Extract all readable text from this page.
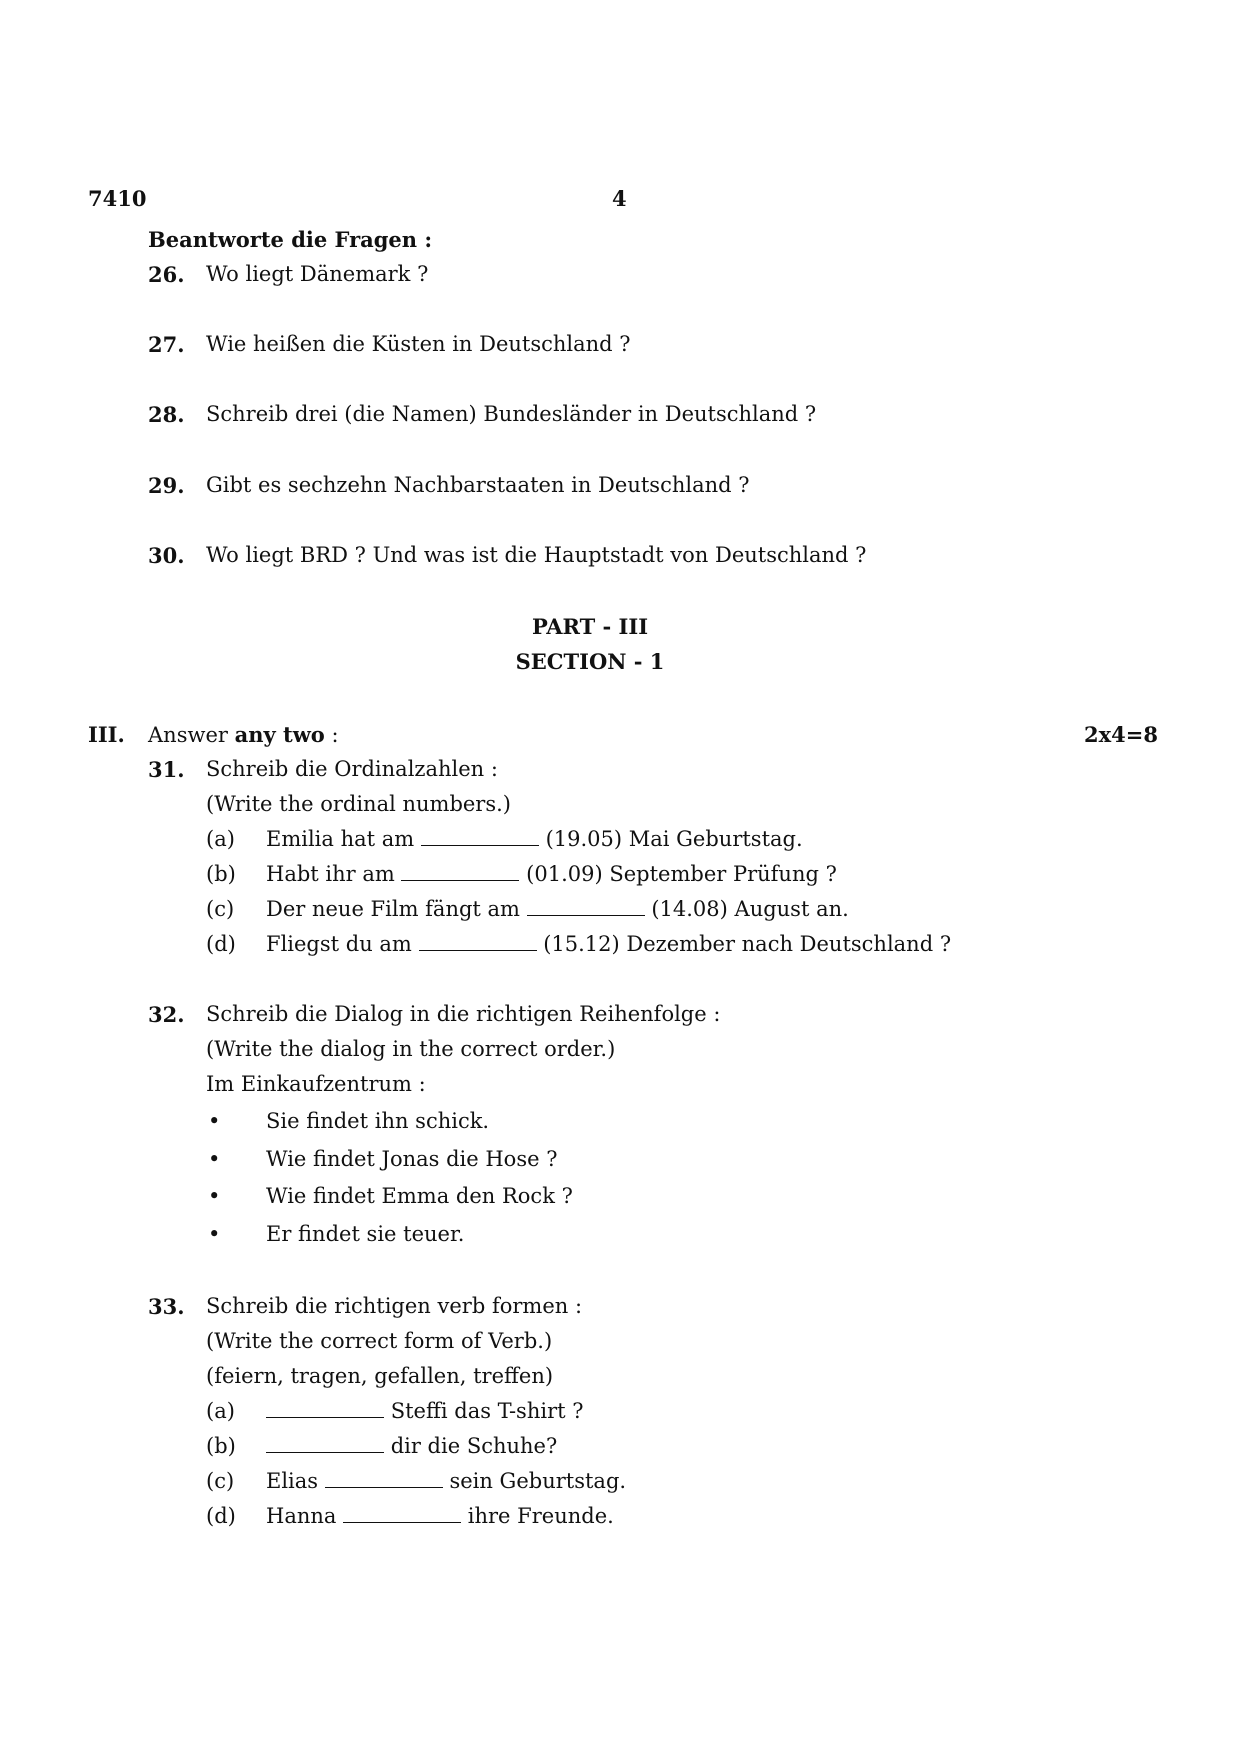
7410	4
Beantworte die Fragen :
26. Wo liegt Dänemark ?
27. Wie heißen die Küsten in Deutschland ?
28. Schreib drei (die Namen) Bundesländer in Deutschland ?
29. Gibt es sechzehn Nachbarstaaten in Deutschland ?
30. Wo liegt BRD ? Und was ist die Hauptstadt von Deutschland ?
PART - III
SECTION - 1
III. Answer any two :	2x4=8
31. Schreib die Ordinalzahlen :
(Write the ordinal numbers.)
(a) Emilia hat am	(19.05) Mai Geburtstag.
(b) Habt ihr am	(01.09) September Prüfung ?
(c) Der neue Film fängt am	(14.08) August an.
(d) Fliegst du am	(15.12) Dezember nach Deutschland ?
32. Schreib die Dialog in die richtigen Reihenfolge :
(Write the dialog in the correct order.)
Im Einkaufzentrum :
• Sie findet ihn schick.
• Wie findet Jonas die Hose ?
• Wie findet Emma den Rock ?
• Er findet sie teuer.
33. Schreib die richtigen verb formen :
(Write the correct form of Verb.)
(feiern, tragen, gefallen, treffen)
(a)	Steffi das T-shirt ?
(b)	dir die Schuhe?
(c) Elias	sein Geburtstag.
(d) Hanna	ihre Freunde.
